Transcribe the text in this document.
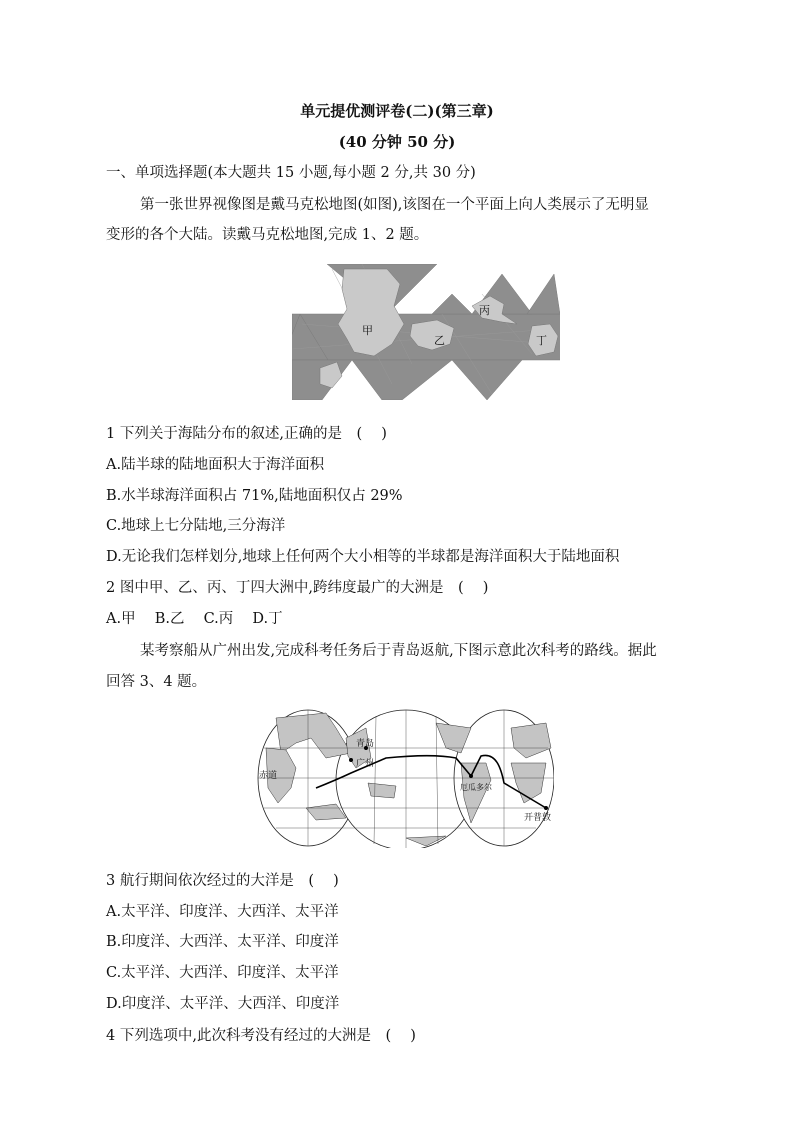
单元提优测评卷(二)(第三章)
(40 分钟 50 分)
一、单项选择题(本大题共 15 小题,每小题 2 分,共 30 分)
第一张世界视像图是戴马克松地图(如图),该图在一个平面上向人类展示了无明显
变形的各个大陆。读戴马克松地图,完成 1、2 题。
甲
乙
丙
丁
1 下列关于海陆分布的叙述,正确的是　(　 )
A.陆半球的陆地面积大于海洋面积
B.水半球海洋面积占 71%,陆地面积仅占 29%
C.地球上七分陆地,三分海洋
D.无论我们怎样划分,地球上任何两个大小相等的半球都是海洋面积大于陆地面积
2 图中甲、乙、丙、丁四大洲中,跨纬度最广的大洲是　(　 )
A.甲　 B.乙　 C.丙　 D.丁
某考察船从广州出发,完成科考任务后于青岛返航,下图示意此次科考的路线。据此
回答 3、4 题。
赤道
青岛
广州
厄瓜多尔
开普敦
3 航行期间依次经过的大洋是　(　 )
A.太平洋、印度洋、大西洋、太平洋
B.印度洋、大西洋、太平洋、印度洋
C.太平洋、大西洋、印度洋、太平洋
D.印度洋、太平洋、大西洋、印度洋
4 下列选项中,此次科考没有经过的大洲是　(　 )
